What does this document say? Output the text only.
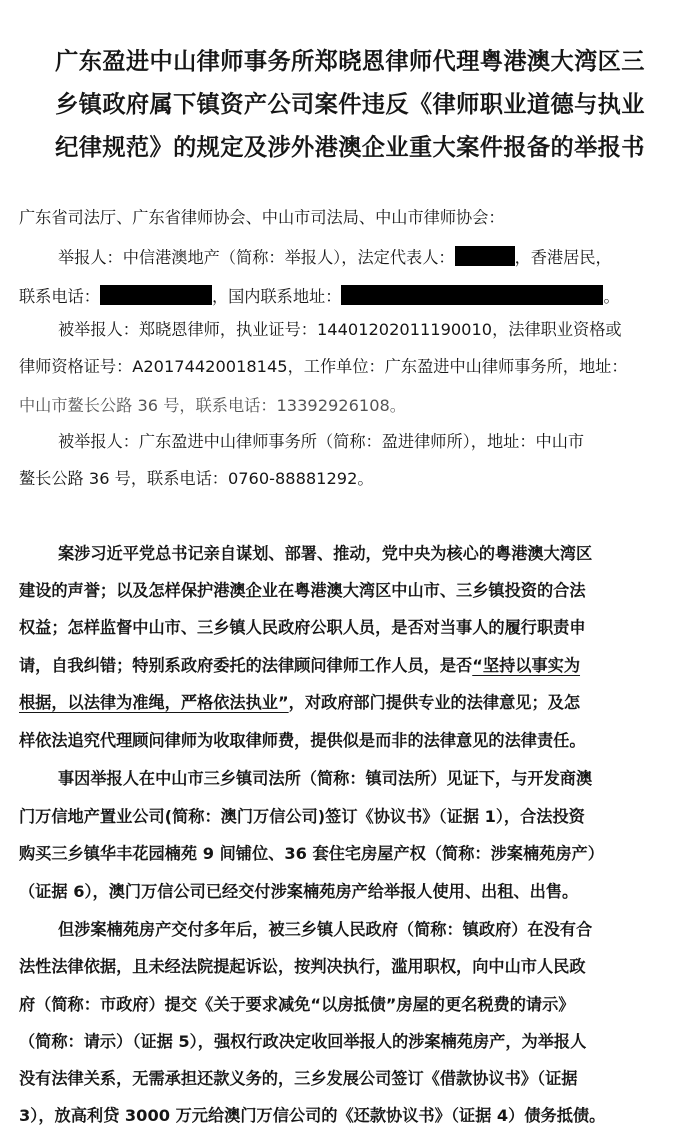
广东盈进中山律师事务所郑晓恩律师代理粤港澳大湾区三
乡镇政府属下镇资产公司案件违反《律师职业道德与执业
纪律规范》的规定及涉外港澳企业重大案件报备的举报书
广东省司法厅、广东省律师协会、中山市司法局、中山市律师协会：
举报人：中信港澳地产（简称：举报人），法定代表人：	，香港居民，
联系电话：	，国内联系地址：	。
被举报人：郑晓恩律师，执业证号：14401202011190010，法律职业资格或
律师资格证号：A20174420018145，工作单位：广东盈进中山律师事务所，地址：
中山市鳌长公路 36 号，联系电话：13392926108。
被举报人：广东盈进中山律师事务所（简称：盈进律师所），地址：中山市
鳌长公路 36 号，联系电话：0760-88881292。
案涉习近平党总书记亲自谋划、部署、推动，党中央为核心的粤港澳大湾区
建设的声誉；以及怎样保护港澳企业在粤港澳大湾区中山市、三乡镇投资的合法
权益；怎样监督中山市、三乡镇人民政府公职人员，是否对当事人的履行职责申
请，自我纠错；特别系政府委托的法律顾问律师工作人员，是否“坚持以事实为
根据，以法律为准绳，严格依法执业”，对政府部门提供专业的法律意见；及怎
样依法追究代理顾问律师为收取律师费，提供似是而非的法律意见的法律责任。
事因举报人在中山市三乡镇司法所（简称：镇司法所）见证下，与开发商澳
门万信地产置业公司(简称：澳门万信公司)签订《协议书》（证据 1），合法投资
购买三乡镇华丰花园楠苑 9 间铺位、36 套住宅房屋产权（简称：涉案楠苑房产）
（证据 6），澳门万信公司已经交付涉案楠苑房产给举报人使用、出租、出售。
但涉案楠苑房产交付多年后，被三乡镇人民政府（简称：镇政府）在没有合
法性法律依据，且未经法院提起诉讼，按判决执行，滥用职权，向中山市人民政
府（简称：市政府）提交《关于要求减免“以房抵债”房屋的更名税费的请示》
（简称：请示）（证据 5），强权行政决定收回举报人的涉案楠苑房产，为举报人
没有法律关系，无需承担还款义务的，三乡发展公司签订《借款协议书》（证据
3），放高利贷 3000 万元给澳门万信公司的《还款协议书》（证据 4）债务抵债。
